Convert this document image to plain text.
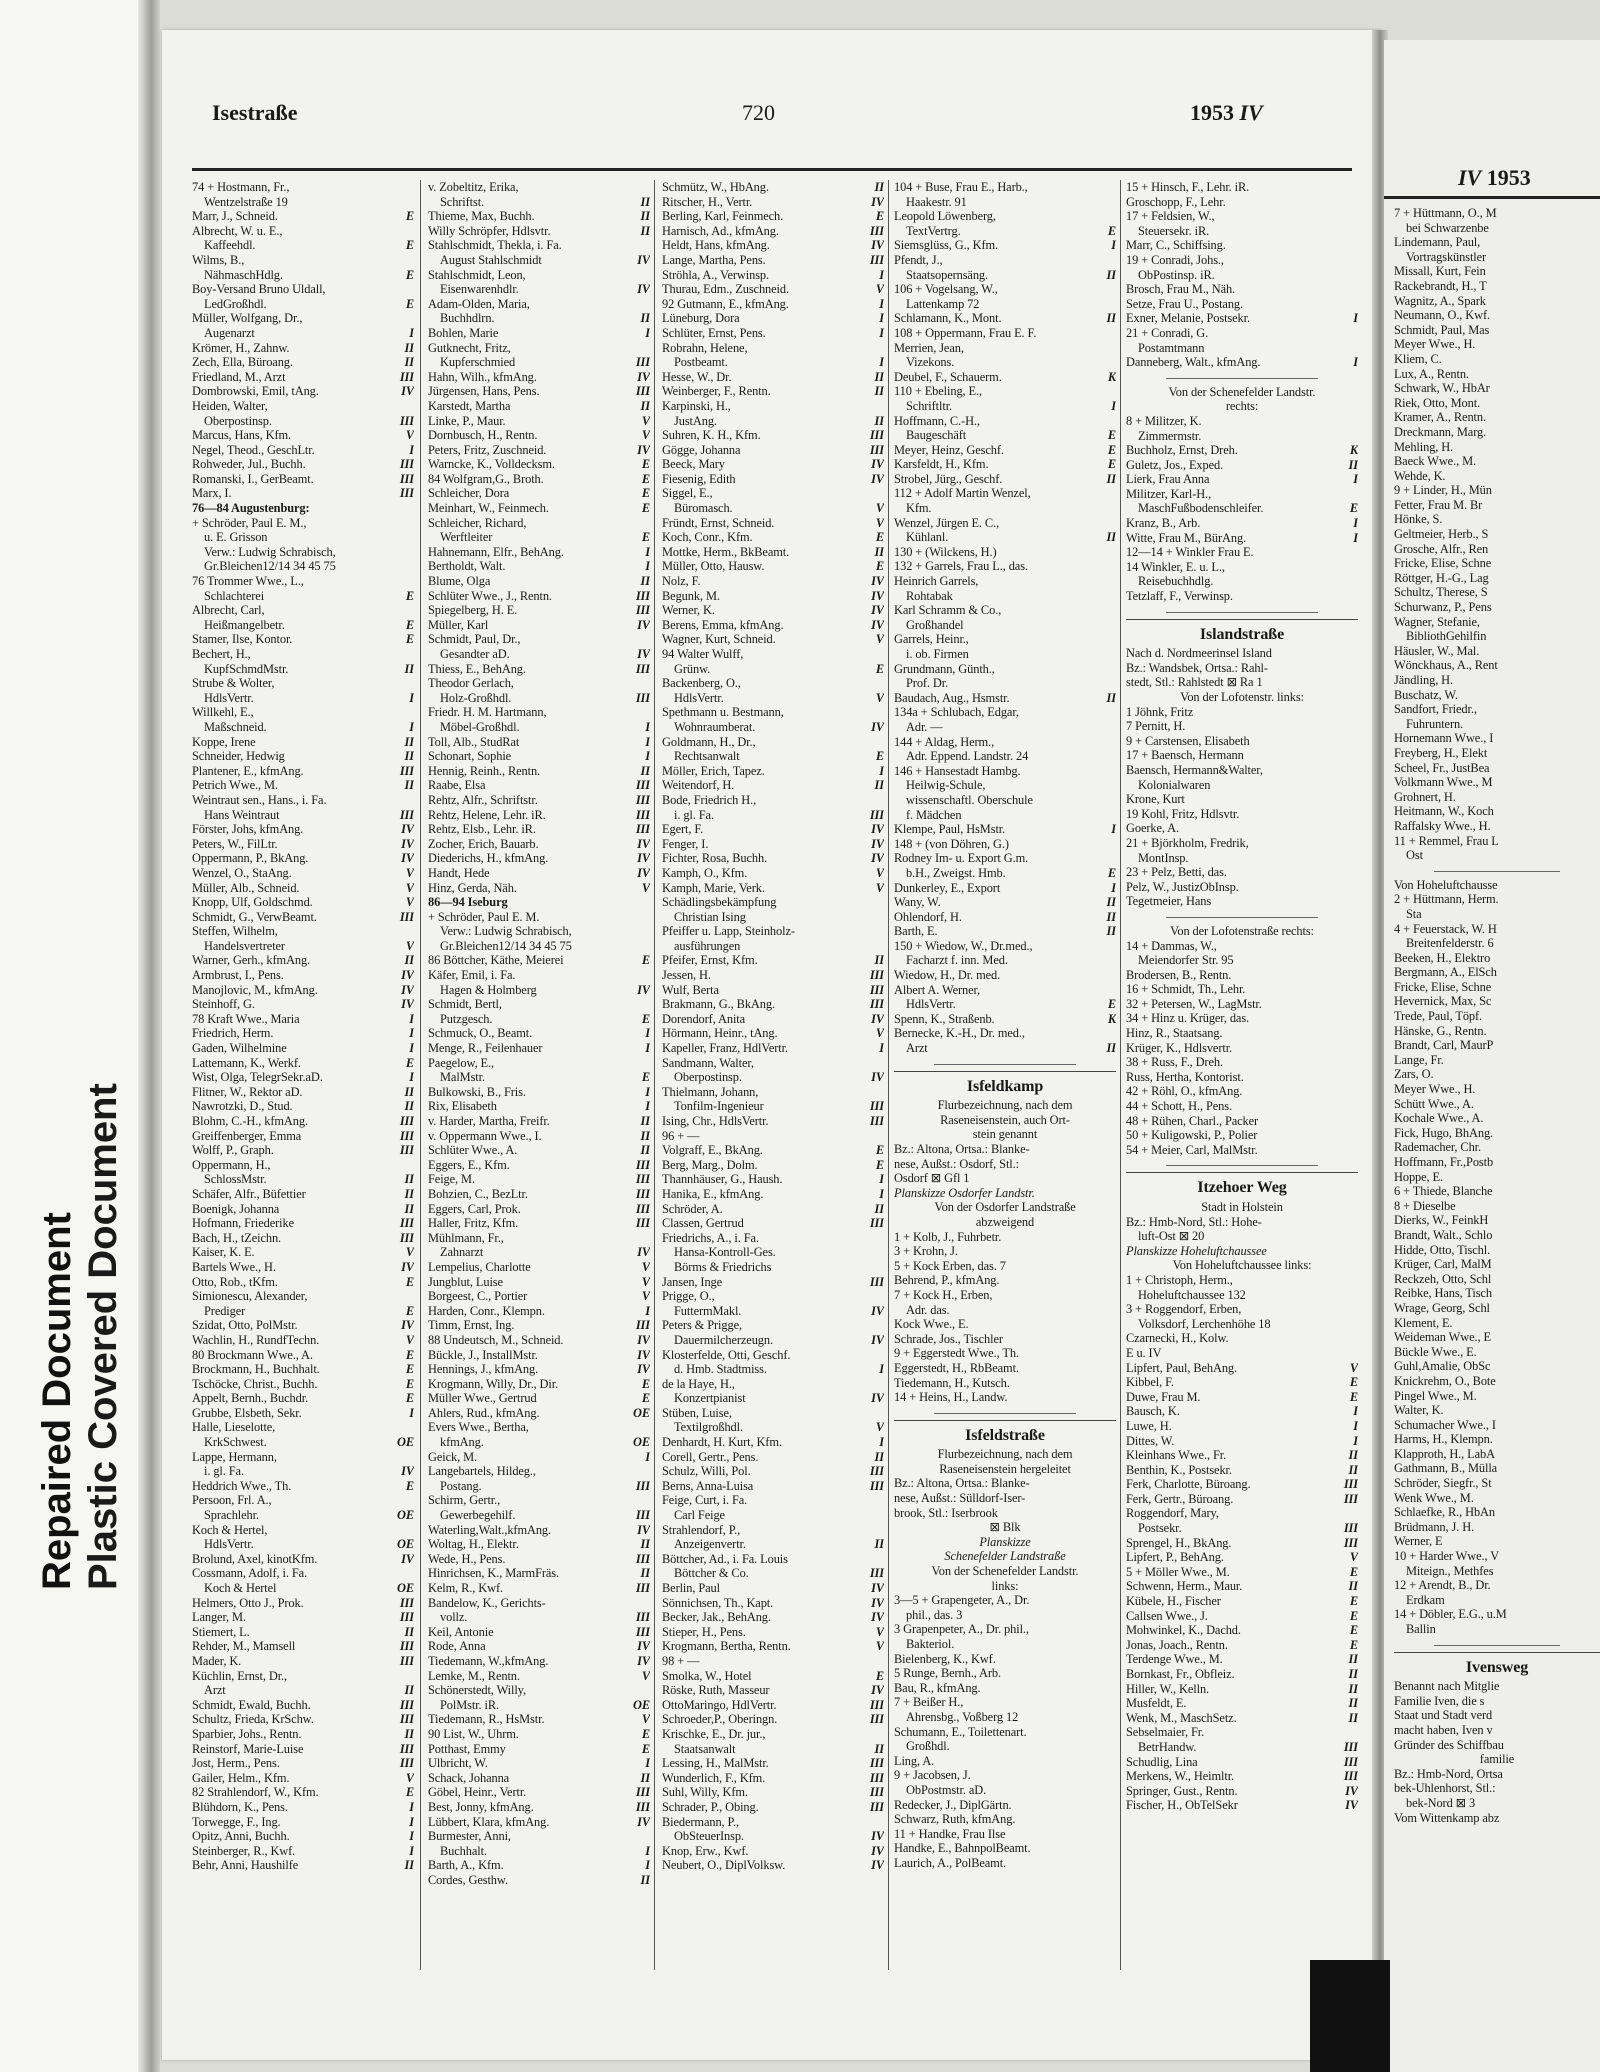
Repaired Document Plastic Covered Document
Isestraße	720	1953 IV
74 + Hostmann, Fr.,
Wentzelstraße 19
Marr, J., Schneid.	E
Albrecht, W. u. E.,
Kaffeehdl.	E
Wilms, B.,
NähmaschHdlg.	E
Boy-Versand Bruno Uldall,
LedGroßhdl.	E
Müller, Wolfgang, Dr.,
Augenarzt	I
Krömer, H., Zahnw.	II
Zech, Ella, Büroang.	II
Friedland, M., Arzt	III
Dombrowski, Emil, tAng.	IV
Heiden, Walter,
Oberpostinsp.	III
Marcus, Hans, Kfm.	V
Negel, Theod., GeschLtr.	I
Rohweder, Jul., Buchh.	III
Romanski, I., GerBeamt.	III
Marx, I.	III
76—84 Augustenburg:
+ Schröder, Paul E. M.,
u. E. Grisson
Verw.: Ludwig Schrabisch,
Gr.Bleichen12/14 34 45 75
76 Trommer Wwe., L.,
Schlachterei	E
Albrecht, Carl,
Heißmangelbetr.	E
Stamer, Ilse, Kontor.	E
Bechert, H.,
KupfSchmdMstr.	II
Strube & Wolter,
HdlsVertr.	I
Willkehl, E.,
Maßschneid.	I
Koppe, Irene	II
Schneider, Hedwig	II
Plantener, E., kfmAng.	III
Petrich Wwe., M.	II
Weintraut sen., Hans., i. Fa.
Hans Weintraut	III
Förster, Johs, kfmAng.	IV
Peters, W., FilLtr.	IV
Oppermann, P., BkAng.	IV
Wenzel, O., StaAng.	V
Müller, Alb., Schneid.	V
Knopp, Ulf, Goldschmd.	V
Schmidt, G., VerwBeamt.	III
Steffen, Wilhelm,
Handelsvertreter	V
Warner, Gerh., kfmAng.	II
Armbrust, I., Pens.	IV
Manojlovic, M., kfmAng.	IV
Steinhoff, G.	IV
78 Kraft Wwe., Maria	I
Friedrich, Herm.	I
Gaden, Wilhelmine	I
Lattemann, K., Werkf.	E
Wist, Olga, TelegrSekr.aD.	I
Flitner, W., Rektor aD.	II
Nawrotzki, D., Stud.	II
Blohm, C.-H., kfmAng.	III
Greiffenberger, Emma	III
Wolff, P., Graph.	III
Oppermann, H.,
SchlossMstr.	II
Schäfer, Alfr., Büfettier	II
Boenigk, Johanna	II
Hofmann, Friederike	III
Bach, H., tZeichn.	III
Kaiser, K. E.	V
Bartels Wwe., H.	IV
Otto, Rob., tKfm.	E
Simionescu, Alexander,
Prediger	E
Szidat, Otto, PolMstr.	IV
Wachlin, H., RundfTechn.	V
80 Brockmann Wwe., A.	E
Brockmann, H., Buchhalt.	E
Tschöcke, Christ., Buchh.	E
Appelt, Bernh., Buchdr.	E
Grubbe, Elsbeth, Sekr.	I
Halle, Lieselotte,
KrkSchwest.	OE
Lappe, Hermann,
i. gl. Fa.	IV
Heddrich Wwe., Th.	E
Persoon, Frl. A.,
Sprachlehr.	OE
Koch & Hertel,
HdlsVertr.	OE
Brolund, Axel, kinotKfm.	IV
Cossmann, Adolf, i. Fa.
Koch & Hertel	OE
Helmers, Otto J., Prok.	III
Langer, M.	III
Stiemert, L.	II
Rehder, M., Mamsell	III
Mader, K.	III
Küchlin, Ernst, Dr.,
Arzt	II
Schmidt, Ewald, Buchh.	III
Schultz, Frieda, KrSchw.	III
Sparbier, Johs., Rentn.	II
Reinstorf, Marie-Luise	III
Jost, Herm., Pens.	III
Gailer, Helm., Kfm.	V
82 Strahlendorf, W., Kfm.	E
Blühdorn, K., Pens.	I
Torwegge, F., Ing.	I
Opitz, Anni, Buchh.	I
Steinberger, R., Kwf.	I
Behr, Anni, Haushilfe	II
v. Zobeltitz, Erika,
Schriftst.	II
Thieme, Max, Buchh.	II
Willy Schröpfer, Hdlsvtr.	II
Stahlschmidt, Thekla, i. Fa.
August Stahlschmidt	IV
Stahlschmidt, Leon,
Eisenwarenhdlr.	IV
Adam-Olden, Maria,
Buchhdlrn.	II
Bohlen, Marie	I
Gutknecht, Fritz,
Kupferschmied	III
Hahn, Wilh., kfmAng.	IV
Jürgensen, Hans, Pens.	III
Karstedt, Martha	II
Linke, P., Maur.	V
Dornbusch, H., Rentn.	V
Peters, Fritz, Zuschneid.	IV
Warncke, K., Volldecksm.	E
84 Wolfgram,G., Broth.	E
Schleicher, Dora	E
Meinhart, W., Feinmech.	E
Schleicher, Richard,
Werftleiter	E
Hahnemann, Elfr., BehAng.	I
Bertholdt, Walt.	I
Blume, Olga	II
Schlüter Wwe., J., Rentn.	III
Spiegelberg, H. E.	III
Müller, Karl	IV
Schmidt, Paul, Dr.,
Gesandter aD.	IV
Thiess, E., BehAng.	III
Theodor Gerlach,
Holz-Großhdl.	III
Friedr. H. M. Hartmann,
Möbel-Großhdl.	I
Toll, Alb., StudRat	I
Schonart, Sophie	I
Hennig, Reinh., Rentn.	II
Raabe, Elsa	III
Rehtz, Alfr., Schriftstr.	III
Rehtz, Helene, Lehr. iR.	III
Rehtz, Elsb., Lehr. iR.	III
Zocher, Erich, Bauarb.	IV
Diederichs, H., kfmAng.	IV
Handt, Hede	IV
Hinz, Gerda, Näh.	V
86—94 Iseburg
+ Schröder, Paul E. M.
Verw.: Ludwig Schrabisch,
Gr.Bleichen12/14 34 45 75
86 Böttcher, Käthe, Meierei	E
Käfer, Emil, i. Fa.
Hagen & Holmberg	IV
Schmidt, Bertl,
Putzgesch.	E
Schmuck, O., Beamt.	I
Menge, R., Feilenhauer	I
Paegelow, E.,
MalMstr.	E
Bulkowski, B., Fris.	I
Rix, Elisabeth	I
v. Harder, Martha, Freifr.	II
v. Oppermann Wwe., I.	II
Schlüter Wwe., A.	II
Eggers, E., Kfm.	III
Feige, M.	III
Bohzien, C., BezLtr.	III
Eggers, Carl, Prok.	III
Haller, Fritz, Kfm.	III
Mühlmann, Fr.,
Zahnarzt	IV
Lempelius, Charlotte	V
Jungblut, Luise	V
Borgeest, C., Portier	V
Harden, Conr., Klempn.	I
Timm, Ernst, Ing.	III
88 Undeutsch, M., Schneid.	IV
Bückle, J., InstallMstr.	IV
Hennings, J., kfmAng.	IV
Krogmann, Willy, Dr., Dir.	E
Müller Wwe., Gertrud	E
Ahlers, Rud., kfmAng.	OE
Evers Wwe., Bertha,
kfmAng.	OE
Geick, M.	I
Langebartels, Hildeg.,
Postang.	III
Schirm, Gertr.,
Gewerbegehilf.	III
Waterling,Walt.,kfmAng.	IV
Woltag, H., Elektr.	II
Wede, H., Pens.	III
Hinrichsen, K., MarmFräs.	II
Kelm, R., Kwf.	III
Bandelow, K., Gerichts-
vollz.	III
Keil, Antonie	III
Rode, Anna	IV
Tiedemann, W.,kfmAng.	IV
Lemke, M., Rentn.	V
Schönerstedt, Willy,
PolMstr. iR.	OE
Tiedemann, R., HsMstr.	V
90 List, W., Uhrm.	E
Potthast, Emmy	E
Ulbricht, W.	I
Schack, Johanna	II
Göbel, Heinr., Vertr.	III
Best, Jonny, kfmAng.	III
Lübbert, Klara, kfmAng.	IV
Burmester, Anni,
Buchhalt.	I
Barth, A., Kfm.	I
Cordes, Gesthw.	II
Schmütz, W., HbAng.	II
Ritscher, H., Vertr.	IV
Berling, Karl, Feinmech.	E
Harnisch, Ad., kfmAng.	III
Heldt, Hans, kfmAng.	IV
Lange, Martha, Pens.	III
Ströhla, A., Verwinsp.	I
Thurau, Edm., Zuschneid.	V
92 Gutmann, E., kfmAng.	I
Lüneburg, Dora	I
Schlüter, Ernst, Pens.	I
Robrahn, Helene,
Postbeamt.	I
Hesse, W., Dr.	II
Weinberger, F., Rentn.	II
Karpinski, H.,
JustAng.	II
Suhren, K. H., Kfm.	III
Gögge, Johanna	III
Beeck, Mary	IV
Fiesenig, Edith	IV
Siggel, E.,
Büromasch.	V
Fründt, Ernst, Schneid.	V
Koch, Conr., Kfm.	E
Mottke, Herm., BkBeamt.	II
Müller, Otto, Hausw.	E
Nolz, F.	IV
Begunk, M.	IV
Werner, K.	IV
Berens, Emma, kfmAng.	IV
Wagner, Kurt, Schneid.	V
94 Walter Wulff,
Grünw.	E
Backenberg, O.,
HdlsVertr.	V
Spethmann u. Bestmann,
Wohnraumberat.	IV
Goldmann, H., Dr.,
Rechtsanwalt	E
Möller, Erich, Tapez.	I
Weitendorf, H.	II
Bode, Friedrich H.,
i. gl. Fa.	III
Egert, F.	IV
Fenger, I.	IV
Fichter, Rosa, Buchh.	IV
Kamph, O., Kfm.	V
Kamph, Marie, Verk.	V
Schädlingsbekämpfung
Christian Ising
Pfeiffer u. Lapp, Steinholz-
ausführungen
Pfeifer, Ernst, Kfm.	II
Jessen, H.	III
Wulf, Berta	III
Brakmann, G., BkAng.	III
Dorendorf, Anita	IV
Hörmann, Heinr., tAng.	V
Kapeller, Franz, HdlVertr.	I
Sandmann, Walter,
Oberpostinsp.	IV
Thielmann, Johann,
Tonfilm-Ingenieur	III
Ising, Chr., HdlsVertr.	III
96 + —
Volgraff, E., BkAng.	E
Berg, Marg., Dolm.	E
Thannhäuser, G., Haush.	I
Hanika, E., kfmAng.	I
Schröder, A.	II
Classen, Gertrud	III
Friedrichs, A., i. Fa.
Hansa-Kontroll-Ges.
Börms & Friedrichs
Jansen, Inge	III
Prigge, O.,
FuttermMakl.	IV
Peters & Prigge,
Dauermilcherzeugn.	IV
Klosterfelde, Otti, Geschf.
d. Hmb. Stadtmiss.	I
de la Haye, H.,
Konzertpianist	IV
Stüben, Luise,
Textilgroßhdl.	V
Denhardt, H. Kurt, Kfm.	I
Corell, Gertr., Pens.	II
Schulz, Willi, Pol.	III
Berns, Anna-Luisa	III
Feige, Curt, i. Fa.
Carl Feige
Strahlendorf, P.,
Anzeigenvertr.	II
Böttcher, Ad., i. Fa. Louis
Böttcher & Co.	III
Berlin, Paul	IV
Sönnichsen, Th., Kapt.	IV
Becker, Jak., BehAng.	IV
Stieper, H., Pens.	V
Krogmann, Bertha, Rentn.	V
98 + —
Smolka, W., Hotel	E
Röske, Ruth, Masseur	IV
OttoMaringo, HdlVertr.	III
Schroeder,P., Oberingn.	III
Krischke, E., Dr. jur.,
Staatsanwalt	II
Lessing, H., MalMstr.	III
Wunderlich, F., Kfm.	III
Suhl, Willy, Kfm.	III
Schrader, P., Obing.	III
Biedermann, P.,
ObSteuerInsp.	IV
Knop, Erw., Kwf.	IV
Neubert, O., DiplVolksw.	IV
104 + Buse, Frau E., Harb.,
Haakestr. 91
Leopold Löwenberg,
TextVertrg.	E
Siemsglüss, G., Kfm.	I
Pfendt, J.,
Staatsopernsäng.	II
106 + Vogelsang, W.,
Lattenkamp 72
Schlamann, K., Mont.	II
108 + Oppermann, Frau E. F.
Merrien, Jean,
Vizekons.
Deubel, F., Schauerm.	K
110 + Ebeling, E.,
Schriftltr.	I
Hoffmann, C.-H.,
Baugeschäft	E
Meyer, Heinz, Geschf.	E
Karsfeldt, H., Kfm.	E
Strobel, Jürg., Geschf.	II
112 + Adolf Martin Wenzel,
Kfm.
Wenzel, Jürgen E. C.,
Kühlanl.	II
130 + (Wilckens, H.)
132 + Garrels, Frau L., das.
Heinrich Garrels,
Rohtabak
Karl Schramm & Co.,
Großhandel
Garrels, Heinr.,
i. ob. Firmen
Grundmann, Günth.,
Prof. Dr.
Baudach, Aug., Hsmstr.	II
134a + Schlubach, Edgar,
Adr. —
144 + Aldag, Herm.,
Adr. Eppend. Landstr. 24
146 + Hansestadt Hambg.
Heilwig-Schule,
wissenschaftl. Oberschule
f. Mädchen
Klempe, Paul, HsMstr.	I
148 + (von Döhren, G.)
Rodney Im- u. Export G.m.
b.H., Zweigst. Hmb.	E
Dunkerley, E., Export	I
Wany, W.	II
Ohlendorf, H.	II
Barth, E.	II
150 + Wiedow, W., Dr.med.,
Facharzt f. inn. Med.
Wiedow, H., Dr. med.
Albert A. Werner,
HdlsVertr.	E
Spenn, K., Straßenb.	K
Bernecke, K.-H., Dr. med.,
Arzt	II
Isfeldkamp
Flurbezeichnung, nach dem
Raseneisenstein, auch Ort-
stein genannt
Bz.: Altona, Ortsa.: Blanke-
nese, Außst.: Osdorf, Stl.:
Osdorf ⊠ Gfl 1
Planskizze Osdorfer Landstr.
Von der Osdorfer Landstraße
abzweigend
1 + Kolb, J., Fuhrbetr.
3 + Krohn, J.
5 + Kock Erben, das. 7
Behrend, P., kfmAng.
7 + Kock H., Erben,
Adr. das.
Kock Wwe., E.
Schrade, Jos., Tischler
9 + Eggerstedt Wwe., Th.
Eggerstedt, H., RbBeamt.
Tiedemann, H., Kutsch.
14 + Heins, H., Landw.
Isfeldstraße
Flurbezeichnung, nach dem
Raseneisenstein hergeleitet
Bz.: Altona, Ortsa.: Blanke-
nese, Außst.: Sülldorf-Iser-
brook, Stl.: Iserbrook
⊠ Blk
Planskizze
Schenefelder Landstraße
Von der Schenefelder Landstr.
links:
3—5 + Grapengeter, A., Dr.
phil., das. 3
3 Grapenpeter, A., Dr. phil.,
Bakteriol.
Bielenberg, K., Kwf.
5 Runge, Bernh., Arb.
Bau, R., kfmAng.
7 + Beißer H.,
Ahrensbg., Voßberg 12
Schumann, E., Toilettenart.
Großhdl.
Ling, A.
9 + Jacobsen, J.
ObPostmstr. aD.
Redecker, J., DiplGärtn.
Schwarz, Ruth, kfmAng.
11 + Handke, Frau Ilse
Handke, E., BahnpolBeamt.
Laurich, A., PolBeamt.
15 + Hinsch, F., Lehr. iR.
Groschopp, F., Lehr.
17 + Feldsien, W.,
Steuersekr. iR.
Marr, C., Schiffsing.
19 + Conradi, Johs.,
ObPostinsp. iR.
Brosch, Frau M., Näh.
Setze, Frau U., Postang.
Exner, Melanie, Postsekr.	I
21 + Conradi, G.
Postamtmann
Danneberg, Walt., kfmAng.	I
Von der Schenefelder Landstr.
rechts:
8 + Militzer, K.
Zimmermstr.
Buchholz, Ernst, Dreh.	K
Guletz, Jos., Exped.	II
Lierk, Frau Anna	I
Militzer, Karl-H.,
MaschFußbodenschleifer.	E
Kranz, B., Arb.	I
Witte, Frau M., BürAng.	I
12—14 + Winkler Frau E.
14 Winkler, E. u. L.,
Reisebuchhdlg.
Tetzlaff, F., Verwinsp.
Islandstraße
Nach d. Nordmeerinsel Island
Bz.: Wandsbek, Ortsa.: Rahl-
stedt, Stl.: Rahlstedt ⊠ Ra 1
Von der Lofotenstr. links:
1 Jöhnk, Fritz
7 Pernitt, H.
9 + Carstensen, Elisabeth
17 + Baensch, Hermann
Baensch, Hermann&Walter,
Kolonialwaren
Krone, Kurt
19 Kohl, Fritz, Hdlsvtr.
Goerke, A.
21 + Björkholm, Fredrik,
MontInsp.
23 + Pelz, Betti, das.
Pelz, W., JustizObInsp.
Tegetmeier, Hans
Von der Lofotenstraße rechts:
14 + Dammas, W.,
Meiendorfer Str. 95
Brodersen, B., Rentn.
16 + Schmidt, Th., Lehr.
32 + Petersen, W., LagMstr.
34 + Hinz u. Krüger, das.
Hinz, R., Staatsang.
Krüger, K., Hdlsvertr.
38 + Russ, F., Dreh.
Russ, Hertha, Kontorist.
42 + Röhl, O., kfmAng.
44 + Schott, H., Pens.
48 + Rühen, Charl., Packer
50 + Kuligowski, P., Polier
54 + Meier, Carl, MalMstr.
Itzehoer Weg
Stadt in Holstein
Bz.: Hmb-Nord, Stl.: Hohe-
luft-Ost ⊠ 20
Planskizze Hoheluftchaussee
Von Hoheluftchaussee links:
1 + Christoph, Herm.,
Hoheluftchaussee 132
3 + Roggendorf, Erben,
Volksdorf, Lerchenhöhe 18
Czarnecki, H., Kolw.
E u. IV
Lipfert, Paul, BehAng.	V
Kibbel, F.	E
Duwe, Frau M.	E
Bausch, K.	I
Luwe, H.	I
Dittes, W.	I
Kleinhans Wwe., Fr.	II
Benthin, K., Postsekr.	II
Ferk, Charlotte, Büroang.	III
Ferk, Gertr., Büroang.	III
Roggendorf, Mary,
Postsekr.	III
Sprengel, H., BkAng.	III
Lipfert, P., BehAng.	V
5 + Möller Wwe., M.	E
Schwenn, Herm., Maur.	II
Kübele, H., Fischer	E
Callsen Wwe., J.	E
Mohwinkel, K., Dachd.	E
Jonas, Joach., Rentn.	E
Terdenge Wwe., M.	II
Bornkast, Fr., Obfleiz.	II
Hiller, W., Kelln.	II
Musfeldt, E.	II
Wenk, M., MaschSetz.	II
Sebselmaier, Fr.
BetrHandw.	III
Schudlig, Lina	III
Merkens, W., Heimltr.	III
Springer, Gust., Rentn.	IV
Fischer, H., ObTelSekr	IV
IV 1953
7 + Hüttmann, O., M
bei Schwarzenbe
Lindemann, Paul,
Vortragskünstler
Missall, Kurt, Fein
Rackebrandt, H., T
Wagnitz, A., Spark
Neumann, O., Kwf.
Schmidt, Paul, Mas
Meyer Wwe., H.
Kliem, C.
Lux, A., Rentn.
Schwark, W., HbAr
Riek, Otto, Mont.
Kramer, A., Rentn.
Dreckmann, Marg.
Mehling, H.
Baeck Wwe., M.
Wehde, K.
9 + Linder, H., Mün
Fetter, Frau M. Br
Hönke, S.
Geltmeier, Herb., S
Grosche, Alfr., Ren
Fricke, Elise, Schne
Röttger, H.-G., Lag
Schultz, Therese, S
Schurwanz, P., Pens
Wagner, Stefanie,
BibliothGehilfin
Häusler, W., Mal.
Wönckhaus, A., Rent
Jändling, H.
Buschatz, W.
Sandfort, Friedr.,
Fuhruntern.
Hornemann Wwe., I
Freyberg, H., Elekt
Scheel, Fr., JustBea
Volkmann Wwe., M
Grohnert, H.
Heitmann, W., Koch
Raffalsky Wwe., H.
11 + Remmel, Frau L
Ost
Von Hoheluftchausse
2 + Hüttmann, Herm.
Sta
4 + Feuerstack, W. H
Breitenfelderstr. 6
Beeken, H., Elektro
Bergmann, A., ElSch
Fricke, Elise, Schne
Hevernick, Max, Sc
Trede, Paul, Töpf.
Hänske, G., Rentn.
Brandt, Carl, MaurP
Lange, Fr.
Zars, O.
Meyer Wwe., H.
Schütt Wwe., A.
Kochale Wwe., A.
Fick, Hugo, BhAng.
Rademacher, Chr.
Hoffmann, Fr.,Postb
Hoppe, E.
6 + Thiede, Blanche
8 + Dieselbe
Dierks, W., FeinkH
Brandt, Walt., Schlo
Hidde, Otto, Tischl.
Krüger, Carl, MalM
Reckzeh, Otto, Schl
Reibke, Hans, Tisch
Wrage, Georg, Schl
Klement, E.
Weideman Wwe., E
Bückle Wwe., E.
Guhl,Amalie, ObSc
Knickrehm, O., Bote
Pingel Wwe., M.
Walter, K.
Schumacher Wwe., I
Harms, H., Klempn.
Klapproth, H., LabA
Gathmann, B., Mülla
Schröder, Siegfr., St
Wenk Wwe., M.
Schlaefke, R., HbAn
Brüdmann, J. H.
Werner, E
10 + Harder Wwe., V
Miteign., Methfes
12 + Arendt, B., Dr.
Erdkam
14 + Döbler, E.G., u.M
Ballin
Ivensweg
Benannt nach Mitglie
Familie Iven, die s
Staat und Stadt verd
macht haben, Iven v
Gründer des Schiffbau
familie
Bz.: Hmb-Nord, Ortsa
bek-Uhlenhorst, Stl.:
bek-Nord ⊠ 3
Vom Wittenkamp abz
